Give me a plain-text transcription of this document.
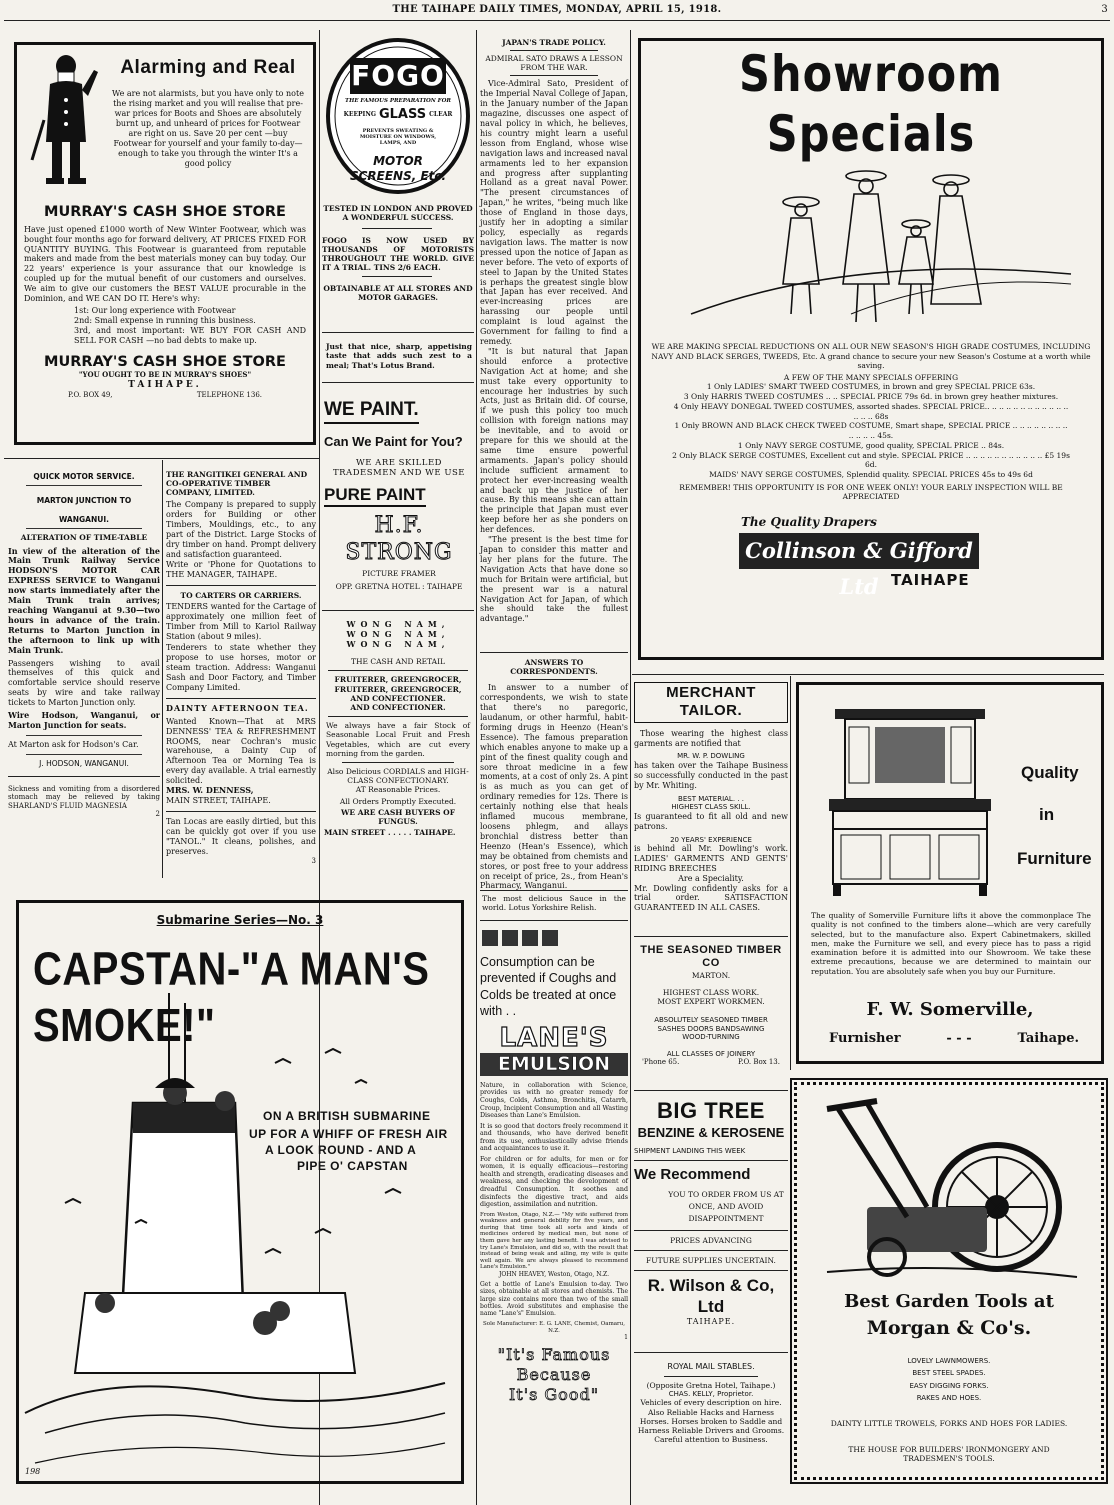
THE TAIHAPE DAILY TIMES, MONDAY, APRIL 15, 1918.	3
Alarming and Real
We are not alarmists, but you have only to note the rising market and you will realise that pre-war prices for Boots and Shoes are absolutely burnt up, and unheard of prices for Footwear are right on us. Save 20 per cent —buy Footwear for yourself and your family to-day—enough to take you through the winter It's a good policy
MURRAY'S CASH SHOE STORE
Have just opened £1000 worth of New Winter Footwear, which was bought four months ago for forward delivery, AT PRICES FIXED FOR QUANTITY BUYING. This Footwear is guaranteed from reputable makers and made from the best materials money can buy today. Our 22 years' experience is your assurance that our knowledge is coupled up for the mutual benefit of our customers and ourselves. We aim to give our customers the BEST VALUE procurable in the Dominion, and WE CAN DO IT. Here's why:
1st: Our long experience with Footwear
2nd: Small expense in running this business.
3rd, and most important: WE BUY FOR CASH AND SELL FOR CASH —no bad debts to make up.
MURRAY'S CASH SHOE STORE
"YOU OUGHT TO BE IN MURRAY'S SHOES"
TAIHAPE.
P.O. BOX 49,	TELEPHONE 136.
FOGO
THE FAMOUS PREPARATION FOR
KEEPING GLASS CLEAR
PREVENTS SWEATING & MOISTURE ON WINDOWS, LAMPS, AND
MOTOR SCREENS, Etc.
TESTED IN LONDON AND PROVED A WONDERFUL SUCCESS.
FOGO IS NOW USED BY THOUSANDS OF MOTORISTS THROUGHOUT THE WORLD. GIVE IT A TRIAL. TINS 2/6 EACH.
OBTAINABLE AT ALL STORES AND MOTOR GARAGES.
Just that nice, sharp, appetising taste that adds such zest to a meal; That's Lotus Brand.
WE PAINT.
Can We Paint for You?
WE ARE SKILLED TRADESMEN AND WE USE
PURE PAINT
H.F. STRONG
PICTURE FRAMER
OPP. GRETNA HOTEL : TAIHAPE
WONG NAM,
WONG NAM,
WONG NAM,
THE CASH AND RETAIL
FRUITERER, GREENGROCER,
FRUITERER, GREENGROCER,
AND CONFECTIONER.
AND CONFECTIONER.
We always have a fair Stock of Seasonable Local Fruit and Fresh Vegetables, which are cut every morning from the garden.
Also Delicious CORDIALS and HIGH-CLASS CONFECTIONARY.
AT Reasonable Prices.
All Orders Promptly Executed.
WE ARE CASH BUYERS OF FUNGUS.
MAIN STREET . . . . . TAIHAPE.
QUICK MOTOR SERVICE.
MARTON JUNCTION TO
WANGANUI.
ALTERATION OF TIME-TABLE
In view of the alteration of the Main Trunk Railway Service HODSON'S MOTOR CAR EXPRESS SERVICE to Wanganui now starts immediately after the Main Trunk train arrives; reaching Wanganui at 9.30—two hours in advance of the train. Returns to Marton Junction in the afternoon to link up with Main Trunk.
Passengers wishing to avail themselves of this quick and comfortable service should reserve seats by wire and take railway tickets to Marton Junction only.
Wire Hodson, Wanganui, or Marton Junction for seats.
At Marton ask for Hodson's Car.
J. HODSON, WANGANUI.
Sickness and vomiting from a disordered stomach may be relieved by taking SHARLAND'S FLUID MAGNESIA
2
THE RANGITIKEI GENERAL AND CO-OPERATIVE TIMBER COMPANY, LIMITED.
The Company is prepared to supply orders for Building or other Timbers, Mouldings, etc., to any part of the District. Large Stocks of dry timber on hand. Prompt delivery and satisfaction guaranteed.
Write or 'Phone for Quotations to THE MANAGER, TAIHAPE.
TO CARTERS OR CARRIERS.
TENDERS wanted for the Cartage of approximately one million feet of Timber from Mill to Kariol Railway Station (about 9 miles).
Tenderers to state whether they propose to use horses, motor or steam traction. Address: Wanganui Sash and Door Factory, and Timber Company Limited.
DAINTY AFTERNOON TEA.
Wanted Known—That at MRS DENNESS' TEA & REFRESHMENT ROOMS, near Cochran's music warehouse, a Dainty Cup of Afternoon Tea or Morning Tea is every day available. A trial earnestly solicited.
MRS. W. DENNESS,
MAIN STREET, TAIHAPE.
Tan Locas are easily dirtied, but this can be quickly got over if you use "TANOL." It cleans, polishes, and preserves.
3
Submarine Series—No. 3
CAPSTAN-"A MAN'S SMOKE!"
ON A BRITISH SUBMARINE
UP FOR A WHIFF OF FRESH AIR
A LOOK ROUND - AND A
PIPE O' CAPSTAN
198
JAPAN'S TRADE POLICY.
ADMIRAL SATO DRAWS A LESSON FROM THE WAR.
Vice-Admiral Sato, President of the Imperial Naval College of Japan, in the January number of the Japan magazine, discusses one aspect of naval policy in which, he believes, his country might learn a useful lesson from England, whose wise navigation laws and increased naval armaments led to her expansion and progress after supplanting Holland as a great naval Power. "The present circumstances of Japan," he writes, "being much like those of England in those days, justify her in adopting a similar policy, especially as regards navigation laws. The matter is now pressed upon the notice of Japan as never before. The veto of exports of steel to Japan by the United States is perhaps the greatest single blow that Japan has ever received. And ever-increasing prices are harassing our people until complaint is loud against the Government for failing to find a remedy.
"It is but natural that Japan should enforce a protective Navigation Act at home; and she must take every opportunity to encourage her industries by such Acts, just as Britain did. Of course, if we push this policy too much collision with foreign nations may be inevitable, and to avoid or prepare for this we should at the same time ensure powerful armaments. Japan's policy should include sufficient armament to protect her ever-increasing wealth and back up the justice of her cause. By this means she can attain the principle that Japan must ever keep before her as she ponders on her defences.
"The present is the best time for Japan to consider this matter and lay her plans for the future. The Navigation Acts that have done so much for Britain were artificial, but the present war is a natural Navigation Act for Japan, of which she should take the fullest advantage."
ANSWERS TO CORRESPONDENTS.
In answer to a number of correspondents, we wish to state that there's no paregoric, laudanum, or other harmful, habit-forming drugs in Heenzo (Hean's Essence). The famous preparation which enables anyone to make up a pint of the finest quality cough and sore throat medicine in a few moments, at a cost of only 2s. A pint is as much as you can get of ordinary remedies for 12s. There is certainly nothing else that heals inflamed mucous membrane, loosens phlegm, and allays bronchial distress better than Heenzo (Hean's Essence), which may be obtained from chemists and stores, or post free to your address on receipt of price, 2s., from Hean's Pharmacy, Wanganui.
The most delicious Sauce in the world. Lotus Yorkshire Relish.
Consumption can be prevented if Coughs and Colds be treated at once with . .
LANE'S
EMULSION
Nature, in collaboration with Science, provides us with no greater remedy for Coughs, Colds, Asthma, Bronchitis, Catarrh, Croup, Incipient Consumption and all Wasting Diseases than Lane's Emulsion.
It is so good that doctors freely recommend it and thousands, who have derived benefit from its use, enthusiastically advise friends and acquaintances to use it.
For children or for adults, for men or for women, it is equally efficacious—restoring health and strength, eradicating diseases and weakness, and checking the development of dreadful Consumption. It soothes and disinfects the digestive tract, and aids digestion, assimilation and nutrition.
From Weston, Otago, N.Z.— "My wife suffered from weakness and general debility for five years, and during that time took all sorts and kinds of medicines ordered by medical men, but none of them gave her any lasting benefit. I was advised to try Lane's Emulsion, and did so, with the result that instead of being weak and ailing, my wife is quite well again. We are always pleased to recommend Lane's Emulsion."
JOHN HEAVEY, Weston, Otago, N.Z.
Get a bottle of Lane's Emulsion to-day. Two sizes, obtainable at all stores and chemists. The large size contains more than two of the small bottles. Avoid substitutes and emphasise the name "Lane's" Emulsion.
Sole Manufacturer: E. G. LANE, Chemist, Oamaru, N.Z.
1
"It's Famous
Because
It's Good"
Showroom Specials
WE ARE MAKING SPECIAL REDUCTIONS ON ALL OUR NEW SEASON'S HIGH GRADE COSTUMES, INCLUDING NAVY AND BLACK SERGES, TWEEDS, Etc. A grand chance to secure your new Season's Costume at a worth while saving.
A FEW OF THE MANY SPECIALS OFFERING
1 Only LADIES' SMART TWEED COSTUMES, in brown and grey SPECIAL PRICE 63s.
3 Only HARRIS TWEED COSTUMES .. .. SPECIAL PRICE 79s 6d. in brown grey heather mixtures.
4 Only HEAVY DONEGAL TWEED COSTUMES, assorted shades. SPECIAL PRICE.. .. .. .. .. .. .. .. .. .. .. .. .. .. .. 68s
1 Only BROWN AND BLACK CHECK TWEED COSTUME, Smart shape, SPECIAL PRICE .. .. .. .. .. .. .. .. .. .. .. .. 45s.
1 Only NAVY SERGE COSTUME, good quality, SPECIAL PRICE .. 84s.
2 Only BLACK SERGE COSTUMES, Excellent cut and style. SPECIAL PRICE .. .. .. .. .. .. .. .. .. .. .. £5 19s 6d.
MAIDS' NAVY SERGE COSTUMES, Splendid quality. SPECIAL PRICES 45s to 49s 6d
REMEMBER! THIS OPPORTUNITY IS FOR ONE WEEK ONLY! YOUR EARLY INSPECTION WILL BE APPRECIATED
The Quality Drapers
Collinson & Gifford Ltd TAIHAPE
MERCHANT TAILOR.
Those wearing the highest class garments are notified that
MR. W. P. DOWLING
has taken over the Taihape Business so successfully conducted in the past by Mr. Whiting.
BEST MATERIAL. . .
HIGHEST CLASS SKILL.
Is guaranteed to fit all old and new patrons.
20 YEARS' EXPERIENCE
is behind all Mr. Dowling's work. LADIES' GARMENTS AND GENTS' RIDING BREECHES
Are a Speciality.
Mr. Dowling confidently asks for a trial order. SATISFACTION GUARANTEED IN ALL CASES.
THE SEASONED TIMBER CO
MARTON.
HIGHEST CLASS WORK.
MOST EXPERT WORKMEN.
ABSOLUTELY SEASONED TIMBER
SASHES DOORS BANDSAWING
WOOD-TURNING
ALL CLASSES OF JOINERY
'Phone 65.	P.O. Box 13.
BIG TREE
BENZINE & KEROSENE
SHIPMENT LANDING THIS WEEK
We Recommend
YOU TO ORDER FROM US AT ONCE, AND AVOID DISAPPOINTMENT
PRICES ADVANCING
FUTURE SUPPLIES UNCERTAIN.
R. Wilson & Co, Ltd
TAIHAPE.
ROYAL MAIL STABLES.
(Opposite Gretna Hotel, Taihape.)
CHAS. KELLY, Proprietor.
Vehicles of every description on hire. Also Reliable Hacks and Harness Horses. Horses broken to Saddle and Harness Reliable Drivers and Grooms. Careful attention to Business.
Quality
in
Furniture
The quality of Somerville Furniture lifts it above the commonplace The quality is not confined to the timbers alone—which are very carefully selected, but to the manufacture also. Expert Cabinetmakers, skilled men, make the Furniture we sell, and every piece has to pass a rigid examination before it is admitted into our Showroom. We take these extreme precautions, because we are determined to maintain our reputation. You are absolutely safe when you buy our Furniture.
F. W. Somerville,
Furnisher	- - -	Taihape.
Best Garden Tools at
Morgan & Co's.
LOVELY LAWNMOWERS.
BEST STEEL SPADES.
EASY DIGGING FORKS.
RAKES AND HOES.
DAINTY LITTLE TROWELS, FORKS AND HOES FOR LADIES.
THE HOUSE FOR BUILDERS' IRONMONGERY AND TRADESMEN'S TOOLS.
